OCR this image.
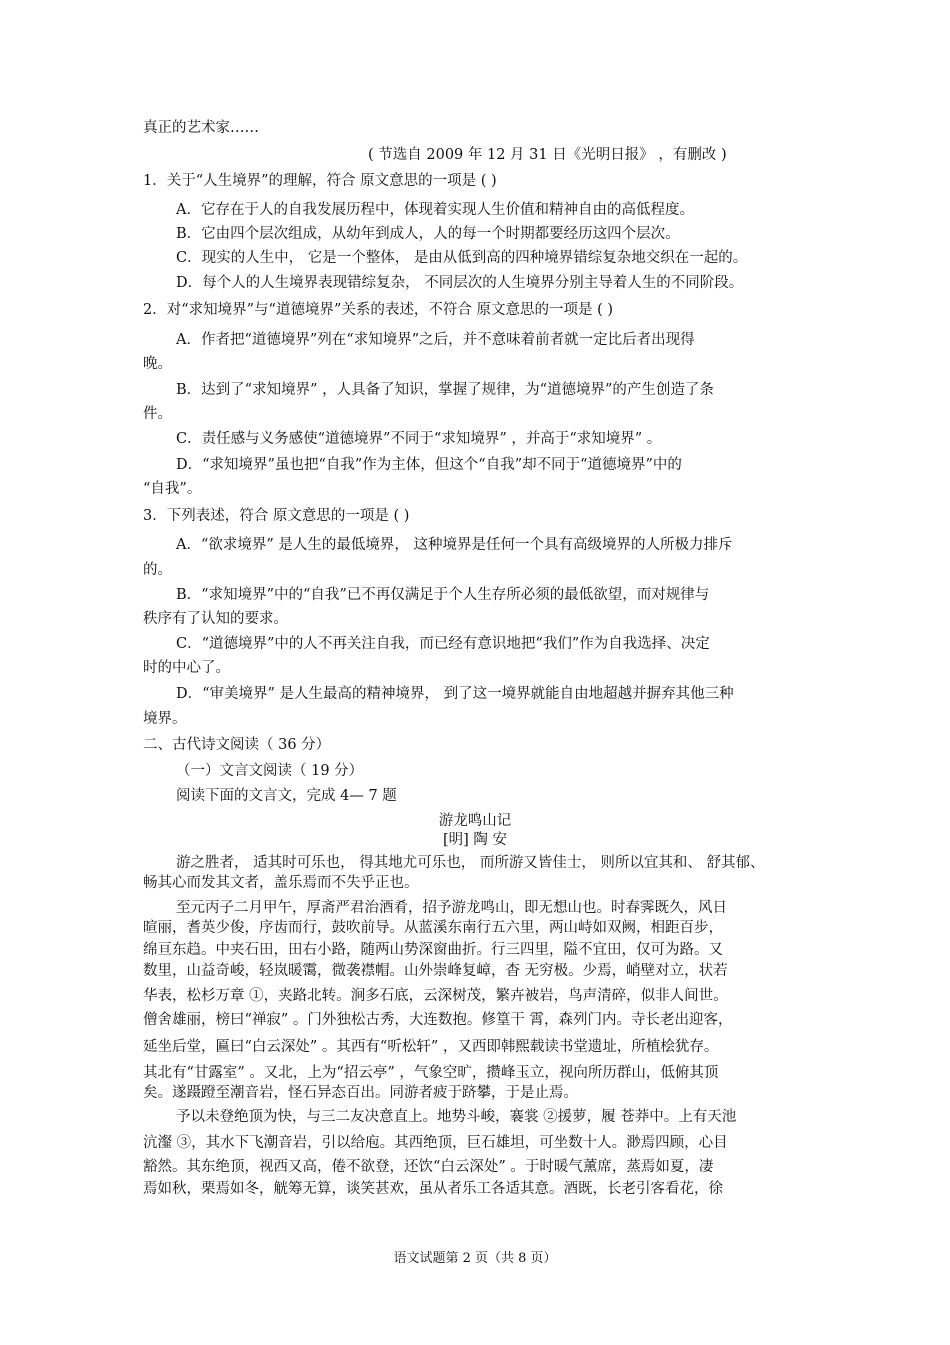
真正的艺术家……
( 节选自 2009 年 12 月 31 日《光明日报》 ，有删改 )
1．关于“人生境界”的理解，符合 原文意思的一项是 ( )
A．它存在于人的自我发展历程中，体现着实现人生价值和精神自由的高低程度。
B．它由四个层次组成，从幼年到成人，人的每一个时期都要经历这四个层次。
C．现实的人生中， 它是一个整体， 是由从低到高的四种境界错综复杂地交织在一起的。
D．每个人的人生境界表现错综复杂， 不同层次的人生境界分别主导着人生的不同阶段。
2．对“求知境界”与“道德境界”关系的表述，不符合 原文意思的一项是 ( )
A．作者把“道德境界”列在“求知境界”之后，并不意味着前者就一定比后者出现得
晚。
B．达到了“求知境界” ，人具备了知识，掌握了规律，为“道德境界”的产生创造了条
件。
C．责任感与义务感使“道德境界”不同于“求知境界” ，并高于“求知境界” 。
D．“求知境界”虽也把“自我”作为主体，但这个“自我”却不同于“道德境界”中的
“自我”。
3．下列表述，符合 原文意思的一项是 ( )
A．“欲求境界” 是人生的最低境界， 这种境界是任何一个具有高级境界的人所极力排斥
的。
B．“求知境界”中的“自我”已不再仅满足于个人生存所必须的最低欲望，而对规律与
秩序有了认知的要求。
C．“道德境界”中的人不再关注自我，而已经有意识地把“我们”作为自我选择、决定
时的中心了。
D．“审美境界” 是人生最高的精神境界， 到了这一境界就能自由地超越并摒弃其他三种
境界。
二、古代诗文阅读（ 36 分）
（一）文言文阅读（ 19 分）
阅读下面的文言文，完成 4— 7 题
游龙鸣山记
[明] 陶 安
游之胜者， 适其时可乐也， 得其地尤可乐也， 而所游又皆佳士， 则所以宜其和、 舒其郁、
畅其心而发其文者，盖乐焉而不失乎正也。
至元丙子二月甲午，厚斋严君治酒肴，招予游龙鸣山，即无想山也。时春霁既久，风日
暄丽，耆英少俊，序齿而行，鼓吹前导。从蓝溪东南行五六里，两山峙如双阙，相距百步，
绵亘东趋。中夹石田，田右小路，随两山势深窗曲折。行三四里，隘不宜田，仅可为路。又
数里，山益奇峻，轻岚暖霭，微袭襟帽。山外崇峰复嶂，杳 无穷极。少焉，峭壁对立，状若
华表，松杉万章 ①，夹路北转。涧多石底，云深树茂，繁卉被岩，鸟声清碎，似非人间世。
僧舍雄丽，榜曰“禅寂” 。门外独松古秀，大连数抱。修篁干 霄，森列门内。寺长老出迎客，
延坐后堂，匾曰“白云深处” 。其西有“听松轩” ，又西即韩熙载读书堂遗址，所植桧犹存。
其北有“甘露室” 。又北，上为“招云亭” ，气象空旷，攒峰玉立，视向所历群山，低俯其顶
矣。遂蹑蹬至潮音岩，怪石异态百出。同游者疲于跻攀，于是止焉。
予以未登绝顶为快，与三二友决意直上。地势斗峻，褰裳 ②援萝，履 苍莽中。上有天池
沆瀣 ③，其水下飞潮音岩，引以给庖。其西绝顶，巨石雄坦，可坐数十人。渺焉四顾，心目
豁然。其东绝顶，视西又高，倦不欲登，还饮“白云深处” 。于时暖气薰席，蒸焉如夏，凄
焉如秋，栗焉如冬，觥筹无算，谈笑甚欢，虽从者乐工各适其意。酒既，长老引客看花，徐
语文试题第 2 页（共 8 页）
